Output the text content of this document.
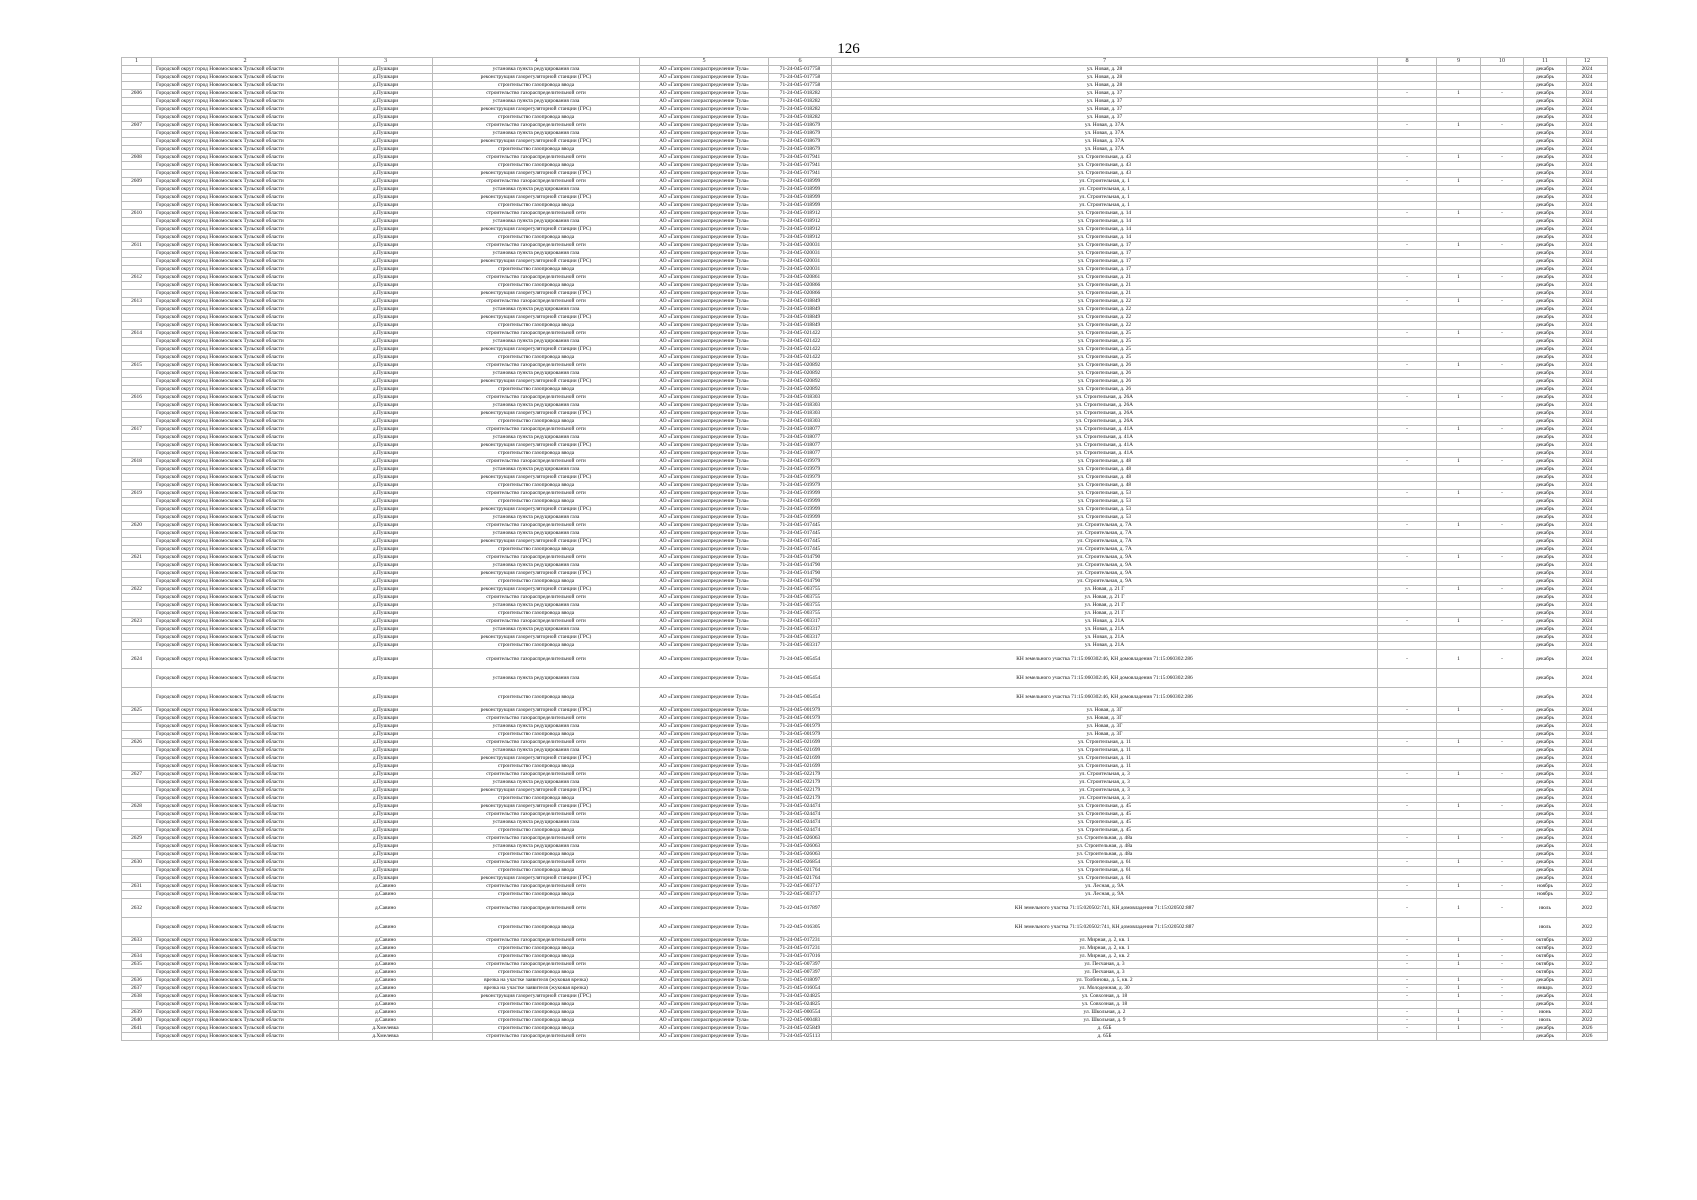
126
1	2	3	4	5	6	7	8	9	10	11	12
	Городской округ город Новомосковск Тульской области	д.Пушкари	установка пункта редуцирования газа	АО «Газпром газораспределение Тула»	71-24-045-017758	ул. Новая, д. 28				декабрь	2024
	Городской округ город Новомосковск Тульской области	д.Пушкари	реконструкция газорегуляторной станции (ГРС)	АО «Газпром газораспределение Тула»	71-24-045-017758	ул. Новая, д. 28				декабрь	2024
	Городской округ город Новомосковск Тульской области	д.Пушкари	строительство газопровода ввода	АО «Газпром газораспределение Тула»	71-24-045-017758	ул. Новая, д. 28				декабрь	2024
2606	Городской округ город Новомосковск Тульской области	д.Пушкари	строительство газораспределительной сети	АО «Газпром газораспределение Тула»	71-24-045-018282	ул. Новая, д. 37	-	1	-	декабрь	2024
	Городской округ город Новомосковск Тульской области	д.Пушкари	установка пункта редуцирования газа	АО «Газпром газораспределение Тула»	71-24-045-018282	ул. Новая, д. 37				декабрь	2024
	Городской округ город Новомосковск Тульской области	д.Пушкари	реконструкция газорегуляторной станции (ГРС)	АО «Газпром газораспределение Тула»	71-24-045-018282	ул. Новая, д. 37				декабрь	2024
	Городской округ город Новомосковск Тульской области	д.Пушкари	строительство газопровода ввода	АО «Газпром газораспределение Тула»	71-24-045-018282	ул. Новая, д. 37				декабрь	2024
2607	Городской округ город Новомосковск Тульской области	д.Пушкари	строительство газораспределительной сети	АО «Газпром газораспределение Тула»	71-24-045-018679	ул. Новая, д. 37А	-	1	-	декабрь	2024
	Городской округ город Новомосковск Тульской области	д.Пушкари	установка пункта редуцирования газа	АО «Газпром газораспределение Тула»	71-24-045-018679	ул. Новая, д. 37А				декабрь	2024
	Городской округ город Новомосковск Тульской области	д.Пушкари	реконструкция газорегуляторной станции (ГРС)	АО «Газпром газораспределение Тула»	71-24-045-018679	ул. Новая, д. 37А				декабрь	2024
	Городской округ город Новомосковск Тульской области	д.Пушкари	строительство газопровода ввода	АО «Газпром газораспределение Тула»	71-24-045-018679	ул. Новая, д. 37А				декабрь	2024
2608	Городской округ город Новомосковск Тульской области	д.Пушкари	строительство газораспределительной сети	АО «Газпром газораспределение Тула»	71-24-045-017941	ул. Строительная, д. 43	-	1	-	декабрь	2024
	Городской округ город Новомосковск Тульской области	д.Пушкари	строительство газопровода ввода	АО «Газпром газораспределение Тула»	71-24-045-017941	ул. Строительная, д. 43				декабрь	2024
	Городской округ город Новомосковск Тульской области	д.Пушкари	реконструкция газорегуляторной станции (ГРС)	АО «Газпром газораспределение Тула»	71-24-045-017941	ул. Строительная, д. 43				декабрь	2024
2609	Городской округ город Новомосковск Тульской области	д.Пушкари	строительство газораспределительной сети	АО «Газпром газораспределение Тула»	71-24-045-018999	ул. Строительная, д. 1	-	1	-	декабрь	2024
	Городской округ город Новомосковск Тульской области	д.Пушкари	установка пункта редуцирования газа	АО «Газпром газораспределение Тула»	71-24-045-018999	ул. Строительная, д. 1				декабрь	2024
	Городской округ город Новомосковск Тульской области	д.Пушкари	реконструкция газорегуляторной станции (ГРС)	АО «Газпром газораспределение Тула»	71-24-045-018999	ул. Строительная, д. 1				декабрь	2024
	Городской округ город Новомосковск Тульской области	д.Пушкари	строительство газопровода ввода	АО «Газпром газораспределение Тула»	71-24-045-018999	ул. Строительная, д. 1				декабрь	2024
2610	Городской округ город Новомосковск Тульской области	д.Пушкари	строительство газораспределительной сети	АО «Газпром газораспределение Тула»	71-24-045-018912	ул. Строительная, д. 14	-	1	-	декабрь	2024
	Городской округ город Новомосковск Тульской области	д.Пушкари	установка пункта редуцирования газа	АО «Газпром газораспределение Тула»	71-24-045-018912	ул. Строительная, д. 14				декабрь	2024
	Городской округ город Новомосковск Тульской области	д.Пушкари	реконструкция газорегуляторной станции (ГРС)	АО «Газпром газораспределение Тула»	71-24-045-018912	ул. Строительная, д. 14				декабрь	2024
	Городской округ город Новомосковск Тульской области	д.Пушкари	строительство газопровода ввода	АО «Газпром газораспределение Тула»	71-24-045-018912	ул. Строительная, д. 14				декабрь	2024
2611	Городской округ город Новомосковск Тульской области	д.Пушкари	строительство газораспределительной сети	АО «Газпром газораспределение Тула»	71-24-045-020031	ул. Строительная, д. 17	-	1	-	декабрь	2024
	Городской округ город Новомосковск Тульской области	д.Пушкари	установка пункта редуцирования газа	АО «Газпром газораспределение Тула»	71-24-045-020031	ул. Строительная, д. 17				декабрь	2024
	Городской округ город Новомосковск Тульской области	д.Пушкари	реконструкция газорегуляторной станции (ГРС)	АО «Газпром газораспределение Тула»	71-24-045-020031	ул. Строительная, д. 17				декабрь	2024
	Городской округ город Новомосковск Тульской области	д.Пушкари	строительство газопровода ввода	АО «Газпром газораспределение Тула»	71-24-045-020031	ул. Строительная, д. 17				декабрь	2024
2612	Городской округ город Новомосковск Тульской области	д.Пушкари	строительство газораспределительной сети	АО «Газпром газораспределение Тула»	71-24-045-020861	ул. Строительная, д. 21	-	1	-	декабрь	2024
	Городской округ город Новомосковск Тульской области	д.Пушкари	строительство газопровода ввода	АО «Газпром газораспределение Тула»	71-24-045-020866	ул. Строительная, д. 21				декабрь	2024
	Городской округ город Новомосковск Тульской области	д.Пушкари	реконструкция газорегуляторной станции (ГРС)	АО «Газпром газораспределение Тула»	71-24-045-020866	ул. Строительная, д. 21				декабрь	2024
2613	Городской округ город Новомосковск Тульской области	д.Пушкари	строительство газораспределительной сети	АО «Газпром газораспределение Тула»	71-24-045-018849	ул. Строительная, д. 22	-	1	-	декабрь	2024
	Городской округ город Новомосковск Тульской области	д.Пушкари	установка пункта редуцирования газа	АО «Газпром газораспределение Тула»	71-24-045-018849	ул. Строительная, д. 22				декабрь	2024
	Городской округ город Новомосковск Тульской области	д.Пушкари	реконструкция газорегуляторной станции (ГРС)	АО «Газпром газораспределение Тула»	71-24-045-018849	ул. Строительная, д. 22				декабрь	2024
	Городской округ город Новомосковск Тульской области	д.Пушкари	строительство газопровода ввода	АО «Газпром газораспределение Тула»	71-24-045-018849	ул. Строительная, д. 22				декабрь	2024
2614	Городской округ город Новомосковск Тульской области	д.Пушкари	строительство газораспределительной сети	АО «Газпром газораспределение Тула»	71-24-045-021422	ул. Строительная, д. 25	-	1	-	декабрь	2024
	Городской округ город Новомосковск Тульской области	д.Пушкари	установка пункта редуцирования газа	АО «Газпром газораспределение Тула»	71-24-045-021422	ул. Строительная, д. 25				декабрь	2024
	Городской округ город Новомосковск Тульской области	д.Пушкари	реконструкция газорегуляторной станции (ГРС)	АО «Газпром газораспределение Тула»	71-24-045-021422	ул. Строительная, д. 25				декабрь	2024
	Городской округ город Новомосковск Тульской области	д.Пушкари	строительство газопровода ввода	АО «Газпром газораспределение Тула»	71-24-045-021422	ул. Строительная, д. 25				декабрь	2024
2615	Городской округ город Новомосковск Тульской области	д.Пушкари	строительство газораспределительной сети	АО «Газпром газораспределение Тула»	71-24-045-020892	ул. Строительная, д. 26	-	1	-	декабрь	2024
	Городской округ город Новомосковск Тульской области	д.Пушкари	установка пункта редуцирования газа	АО «Газпром газораспределение Тула»	71-24-045-020892	ул. Строительная, д. 26				декабрь	2024
	Городской округ город Новомосковск Тульской области	д.Пушкари	реконструкция газорегуляторной станции (ГРС)	АО «Газпром газораспределение Тула»	71-24-045-020892	ул. Строительная, д. 26				декабрь	2024
	Городской округ город Новомосковск Тульской области	д.Пушкари	строительство газопровода ввода	АО «Газпром газораспределение Тула»	71-24-045-020892	ул. Строительная, д. 26				декабрь	2024
2616	Городской округ город Новомосковск Тульской области	д.Пушкари	строительство газораспределительной сети	АО «Газпром газораспределение Тула»	71-24-045-018303	ул. Строительная, д. 26А	-	1	-	декабрь	2024
	Городской округ город Новомосковск Тульской области	д.Пушкари	установка пункта редуцирования газа	АО «Газпром газораспределение Тула»	71-24-045-018303	ул. Строительная, д. 26А				декабрь	2024
	Городской округ город Новомосковск Тульской области	д.Пушкари	реконструкция газорегуляторной станции (ГРС)	АО «Газпром газораспределение Тула»	71-24-045-018303	ул. Строительная, д. 26А				декабрь	2024
	Городской округ город Новомосковск Тульской области	д.Пушкари	строительство газопровода ввода	АО «Газпром газораспределение Тула»	71-24-045-018303	ул. Строительная, д. 26А				декабрь	2024
2617	Городской округ город Новомосковск Тульской области	д.Пушкари	строительство газораспределительной сети	АО «Газпром газораспределение Тула»	71-24-045-018077	ул. Строительная, д. 41А	-	1	-	декабрь	2024
	Городской округ город Новомосковск Тульской области	д.Пушкари	установка пункта редуцирования газа	АО «Газпром газораспределение Тула»	71-24-045-018077	ул. Строительная, д. 41А				декабрь	2024
	Городской округ город Новомосковск Тульской области	д.Пушкари	реконструкция газорегуляторной станции (ГРС)	АО «Газпром газораспределение Тула»	71-24-045-018077	ул. Строительная, д. 41А				декабрь	2024
	Городской округ город Новомосковск Тульской области	д.Пушкари	строительство газопровода ввода	АО «Газпром газораспределение Тула»	71-24-045-018077	ул. Строительная, д. 41А				декабрь	2024
2618	Городской округ город Новомосковск Тульской области	д.Пушкари	строительство газораспределительной сети	АО «Газпром газораспределение Тула»	71-24-045-019979	ул. Строительная, д. 48	-	1	-	декабрь	2024
	Городской округ город Новомосковск Тульской области	д.Пушкари	установка пункта редуцирования газа	АО «Газпром газораспределение Тула»	71-24-045-019979	ул. Строительная, д. 48				декабрь	2024
	Городской округ город Новомосковск Тульской области	д.Пушкари	реконструкция газорегуляторной станции (ГРС)	АО «Газпром газораспределение Тула»	71-24-045-019979	ул. Строительная, д. 48				декабрь	2024
	Городской округ город Новомосковск Тульской области	д.Пушкари	строительство газопровода ввода	АО «Газпром газораспределение Тула»	71-24-045-019979	ул. Строительная, д. 48				декабрь	2024
2619	Городской округ город Новомосковск Тульской области	д.Пушкари	строительство газораспределительной сети	АО «Газпром газораспределение Тула»	71-24-045-019999	ул. Строительная, д. 53	-	1	-	декабрь	2024
	Городской округ город Новомосковск Тульской области	д.Пушкари	строительство газопровода ввода	АО «Газпром газораспределение Тула»	71-24-045-019999	ул. Строительная, д. 53				декабрь	2024
	Городской округ город Новомосковск Тульской области	д.Пушкари	реконструкция газорегуляторной станции (ГРС)	АО «Газпром газораспределение Тула»	71-24-045-019999	ул. Строительная, д. 53				декабрь	2024
	Городской округ город Новомосковск Тульской области	д.Пушкари	установка пункта редуцирования газа	АО «Газпром газораспределение Тула»	71-24-045-019999	ул. Строительная, д. 53				декабрь	2024
2620	Городской округ город Новомосковск Тульской области	д.Пушкари	строительство газораспределительной сети	АО «Газпром газораспределение Тула»	71-24-045-017445	ул. Строительная, д. 7А	-	1	-	декабрь	2024
	Городской округ город Новомосковск Тульской области	д.Пушкари	установка пункта редуцирования газа	АО «Газпром газораспределение Тула»	71-24-045-017445	ул. Строительная, д. 7А				декабрь	2024
	Городской округ город Новомосковск Тульской области	д.Пушкари	реконструкция газорегуляторной станции (ГРС)	АО «Газпром газораспределение Тула»	71-24-045-017445	ул. Строительная, д. 7А				декабрь	2024
	Городской округ город Новомосковск Тульской области	д.Пушкари	строительство газопровода ввода	АО «Газпром газораспределение Тула»	71-24-045-017445	ул. Строительная, д. 7А				декабрь	2024
2621	Городской округ город Новомосковск Тульской области	д.Пушкари	строительство газораспределительной сети	АО «Газпром газораспределение Тула»	71-24-045-014790	ул. Строительная, д. 9А	-	1	-	декабрь	2024
	Городской округ город Новомосковск Тульской области	д.Пушкари	установка пункта редуцирования газа	АО «Газпром газораспределение Тула»	71-24-045-014790	ул. Строительная, д. 9А				декабрь	2024
	Городской округ город Новомосковск Тульской области	д.Пушкари	реконструкция газорегуляторной станции (ГРС)	АО «Газпром газораспределение Тула»	71-24-045-014790	ул. Строительная, д. 9А				декабрь	2024
	Городской округ город Новомосковск Тульской области	д.Пушкари	строительство газопровода ввода	АО «Газпром газораспределение Тула»	71-24-045-014790	ул. Строительная, д. 9А				декабрь	2024
2622	Городской округ город Новомосковск Тульской области	д.Пушкари	реконструкция газорегуляторной станции (ГРС)	АО «Газпром газораспределение Тула»	71-24-045-003755	ул. Новая, д. 21 Г	-	1	-	декабрь	2024
	Городской округ город Новомосковск Тульской области	д.Пушкари	строительство газораспределительной сети	АО «Газпром газораспределение Тула»	71-24-045-003755	ул. Новая, д. 21 Г				декабрь	2024
	Городской округ город Новомосковск Тульской области	д.Пушкари	установка пункта редуцирования газа	АО «Газпром газораспределение Тула»	71-24-045-003755	ул. Новая, д. 21 Г				декабрь	2024
	Городской округ город Новомосковск Тульской области	д.Пушкари	строительство газопровода ввода	АО «Газпром газораспределение Тула»	71-24-045-003755	ул. Новая, д. 21 Г				декабрь	2024
2623	Городской округ город Новомосковск Тульской области	д.Пушкари	строительство газораспределительной сети	АО «Газпром газораспределение Тула»	71-24-045-003317	ул. Новая, д. 21А	-	1	-	декабрь	2024
	Городской округ город Новомосковск Тульской области	д.Пушкари	установка пункта редуцирования газа	АО «Газпром газораспределение Тула»	71-24-045-003317	ул. Новая, д. 21А				декабрь	2024
	Городской округ город Новомосковск Тульской области	д.Пушкари	реконструкция газорегуляторной станции (ГРС)	АО «Газпром газораспределение Тула»	71-24-045-003317	ул. Новая, д. 21А				декабрь	2024
	Городской округ город Новомосковск Тульской области	д.Пушкари	строительство газопровода ввода	АО «Газпром газораспределение Тула»	71-24-045-003317	ул. Новая, д. 21А				декабрь	2024
2624	Городской округ город Новомосковск Тульской области	д.Пушкари	строительство газораспределительной сети	АО «Газпром газораспределение Тула»	71-24-045-005454	КН земельного участка 71:15:060302:46, КН домовладения 71:15:060302:286	-	1	-	декабрь	2024
	Городской округ город Новомосковск Тульской области	д.Пушкари	установка пункта редуцирования газа	АО «Газпром газораспределение Тула»	71-24-045-005454	КН земельного участка 71:15:060302:46, КН домовладения 71:15:060302:286				декабрь	2024
	Городской округ город Новомосковск Тульской области	д.Пушкари	строительство газопровода ввода	АО «Газпром газораспределение Тула»	71-24-045-005454	КН земельного участка 71:15:060302:46, КН домовладения 71:15:060302:286				декабрь	2024
2625	Городской округ город Новомосковск Тульской области	д.Пушкари	реконструкция газорегуляторной станции (ГРС)	АО «Газпром газораспределение Тула»	71-24-045-001979	ул. Новая, д. 3Г	-	1	-	декабрь	2024
	Городской округ город Новомосковск Тульской области	д.Пушкари	строительство газораспределительной сети	АО «Газпром газораспределение Тула»	71-24-045-001979	ул. Новая, д. 3Г				декабрь	2024
	Городской округ город Новомосковск Тульской области	д.Пушкари	установка пункта редуцирования газа	АО «Газпром газораспределение Тула»	71-24-045-001979	ул. Новая, д. 3Г				декабрь	2024
	Городской округ город Новомосковск Тульской области	д.Пушкари	строительство газопровода ввода	АО «Газпром газораспределение Тула»	71-24-045-001979	ул. Новая, д. 3Г				декабрь	2024
2626	Городской округ город Новомосковск Тульской области	д.Пушкари	строительство газораспределительной сети	АО «Газпром газораспределение Тула»	71-24-045-021699	ул. Строительная, д. 11	-	1	-	декабрь	2024
	Городской округ город Новомосковск Тульской области	д.Пушкари	установка пункта редуцирования газа	АО «Газпром газораспределение Тула»	71-24-045-021699	ул. Строительная, д. 11				декабрь	2024
	Городской округ город Новомосковск Тульской области	д.Пушкари	реконструкция газорегуляторной станции (ГРС)	АО «Газпром газораспределение Тула»	71-24-045-021699	ул. Строительная, д. 11				декабрь	2024
	Городской округ город Новомосковск Тульской области	д.Пушкари	строительство газопровода ввода	АО «Газпром газораспределение Тула»	71-24-045-021699	ул. Строительная, д. 11				декабрь	2024
2627	Городской округ город Новомосковск Тульской области	д.Пушкари	строительство газораспределительной сети	АО «Газпром газораспределение Тула»	71-24-045-022179	ул. Строительная, д. 3	-	1	-	декабрь	2024
	Городской округ город Новомосковск Тульской области	д.Пушкари	установка пункта редуцирования газа	АО «Газпром газораспределение Тула»	71-24-045-022179	ул. Строительная, д. 3				декабрь	2024
	Городской округ город Новомосковск Тульской области	д.Пушкари	реконструкция газорегуляторной станции (ГРС)	АО «Газпром газораспределение Тула»	71-24-045-022179	ул. Строительная, д. 3				декабрь	2024
	Городской округ город Новомосковск Тульской области	д.Пушкари	строительство газопровода ввода	АО «Газпром газораспределение Тула»	71-24-045-022179	ул. Строительная, д. 3				декабрь	2024
2628	Городской округ город Новомосковск Тульской области	д.Пушкари	реконструкция газорегуляторной станции (ГРС)	АО «Газпром газораспределение Тула»	71-24-045-024474	ул. Строительная, д. 45	-	1	-	декабрь	2024
	Городской округ город Новомосковск Тульской области	д.Пушкари	строительство газораспределительной сети	АО «Газпром газораспределение Тула»	71-24-045-024474	ул. Строительная, д. 45				декабрь	2024
	Городской округ город Новомосковск Тульской области	д.Пушкари	установка пункта редуцирования газа	АО «Газпром газораспределение Тула»	71-24-045-024474	ул. Строительная, д. 45				декабрь	2024
	Городской округ город Новомосковск Тульской области	д.Пушкари	строительство газопровода ввода	АО «Газпром газораспределение Тула»	71-24-045-024474	ул. Строительная, д. 45				декабрь	2024
2629	Городской округ город Новомосковск Тульской области	д.Пушкари	строительство газораспределительной сети	АО «Газпром газораспределение Тула»	71-24-045-026063	ул. Строительная, д. 48а	-	1	-	декабрь	2024
	Городской округ город Новомосковск Тульской области	д.Пушкари	установка пункта редуцирования газа	АО «Газпром газораспределение Тула»	71-24-045-026063	ул. Строительная, д. 48а				декабрь	2024
	Городской округ город Новомосковск Тульской области	д.Пушкари	строительство газопровода ввода	АО «Газпром газораспределение Тула»	71-24-045-026063	ул. Строительная, д. 48а				декабрь	2024
2630	Городской округ город Новомосковск Тульской области	д.Пушкари	строительство газораспределительной сети	АО «Газпром газораспределение Тула»	71-24-045-026854	ул. Строительная, д. 61	-	1	-	декабрь	2024
	Городской округ город Новомосковск Тульской области	д.Пушкари	строительство газопровода ввода	АО «Газпром газораспределение Тула»	71-24-045-021764	ул. Строительная, д. 61				декабрь	2024
	Городской округ город Новомосковск Тульской области	д.Пушкари	реконструкция газорегуляторной станции (ГРС)	АО «Газпром газораспределение Тула»	71-24-045-021764	ул. Строительная, д. 61				декабрь	2024
2631	Городской округ город Новомосковск Тульской области	д.Савино	строительство газораспределительной сети	АО «Газпром газораспределение Тула»	71-22-045-003717	ул. Лесная, д. 9А	-	1	-	ноябрь	2022
	Городской округ город Новомосковск Тульской области	д.Савино	строительство газопровода ввода	АО «Газпром газораспределение Тула»	71-22-045-003717	ул. Лесная, д. 9А				ноябрь	2022
2632	Городской округ город Новомосковск Тульской области	д.Савино	строительство газораспределительной сети	АО «Газпром газораспределение Тула»	71-22-045-017897	КН земельного участка 71:15:020502:741, КН домовладения 71:15:020502:887	-	1	-	июль	2022
	Городской округ город Новомосковск Тульской области	д.Савино	строительство газопровода ввода	АО «Газпром газораспределение Тула»	71-22-045-016305	КН земельного участка 71:15:020502:741, КН домовладения 71:15:020502:887				июль	2022
2633	Городской округ город Новомосковск Тульской области	д.Савино	строительство газораспределительной сети	АО «Газпром газораспределение Тула»	71-24-045-017231	ул. Мирная, д. 2, кв. 1	-	1	-	октябрь	2022
	Городской округ город Новомосковск Тульской области	д.Савино	строительство газопровода ввода	АО «Газпром газораспределение Тула»	71-24-045-017231	ул. Мирная, д. 2, кв. 1				октябрь	2022
2634	Городской округ город Новомосковск Тульской области	д.Савино	строительство газопровода ввода	АО «Газпром газораспределение Тула»	71-24-045-017016	ул. Мирная, д. 2, кв. 2	-	1	-	октябрь	2022
2635	Городской округ город Новомосковск Тульской области	д.Савино	строительство газораспределительной сети	АО «Газпром газораспределение Тула»	71-22-045-007397	ул. Песчаная, д. 3	-	1	-	октябрь	2022
	Городской округ город Новомосковск Тульской области	д.Савино	строительство газопровода ввода	АО «Газпром газораспределение Тула»	71-22-045-007397	ул. Песчаная, д. 3				октябрь	2022
2636	Городской округ город Новомосковск Тульской области	д.Савино	врезка на участке заявителя (жуковая врезка)	АО «Газпром газораспределение Тула»	71-21-045-018097	ул. Толбинова, д. 5, кв. 2	-	1	-	декабрь	2021
2637	Городской округ город Новомосковск Тульской области	д.Савино	врезка на участке заявителя (жуковая врезка)	АО «Газпром газораспределение Тула»	71-21-045-016054	ул. Молодежная, д. 30	-	1	-	январь	2022
2638	Городской округ город Новомосковск Тульской области	д.Савино	реконструкция газорегуляторной станции (ГРС)	АО «Газпром газораспределение Тула»	71-24-045-024825	ул. Совхозная, д. 18	-	1	-	декабрь	2024
	Городской округ город Новомосковск Тульской области	д.Савино	строительство газопровода ввода	АО «Газпром газораспределение Тула»	71-24-045-024825	ул. Совхозная, д. 18				декабрь	2024
2639	Городской округ город Новомосковск Тульской области	д.Савино	строительство газопровода ввода	АО «Газпром газораспределение Тула»	71-22-045-000554	ул. Школьная, д. 2	-	1	-	июнь	2022
2640	Городской округ город Новомосковск Тульской области	д.Савино	строительство газопровода ввода	АО «Газпром газораспределение Тула»	71-22-045-000483	ул. Школьная, д. 9	-	1	-	июль	2022
2641	Городской округ город Новомосковск Тульской области	д.Хмелевка	строительство газопровода ввода	АО «Газпром газораспределение Тула»	71-24-045-025849	д. 65Б	-	1	-	декабрь	2026
	Городской округ город Новомосковск Тульской области	д.Хмелевка	строительство газораспределительной сети	АО «Газпром газораспределение Тула»	71-24-045-025113	д. 65Б				декабрь	2026
